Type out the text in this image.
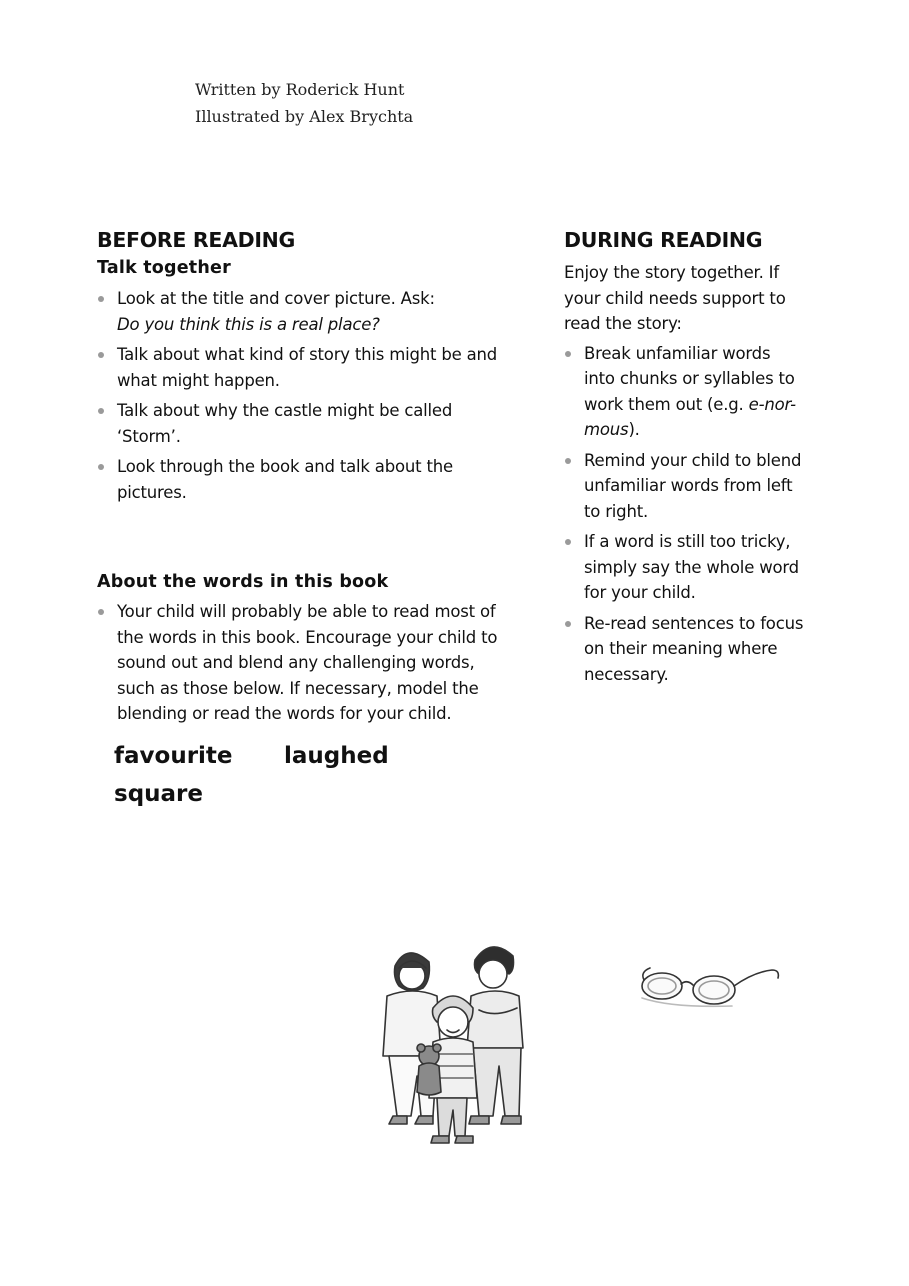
Written by Roderick Hunt
Illustrated by Alex Brychta
BEFORE READING
Talk together
Look at the title and cover picture. Ask:
Do you think this is a real place?
Talk about what kind of story this might be and what might happen.
Talk about why the castle might be called ‘Storm’.
Look through the book and talk about the pictures.
About the words in this book
Your child will probably be able to read most of the words in this book. Encourage your child to sound out and blend any challenging words, such as those below. If necessary, model the blending or read the words for your child.
favourite laughed
square
DURING READING

Enjoy the story together. If your child needs support to read the story:

Break unfamiliar words into chunks or syllables to work them out (e.g. e-nor-mous).
Remind your child to blend unfamiliar words from left to right.
If a word is still too tricky, simply say the whole word for your child.
Re-read sentences to focus on their meaning where necessary.
